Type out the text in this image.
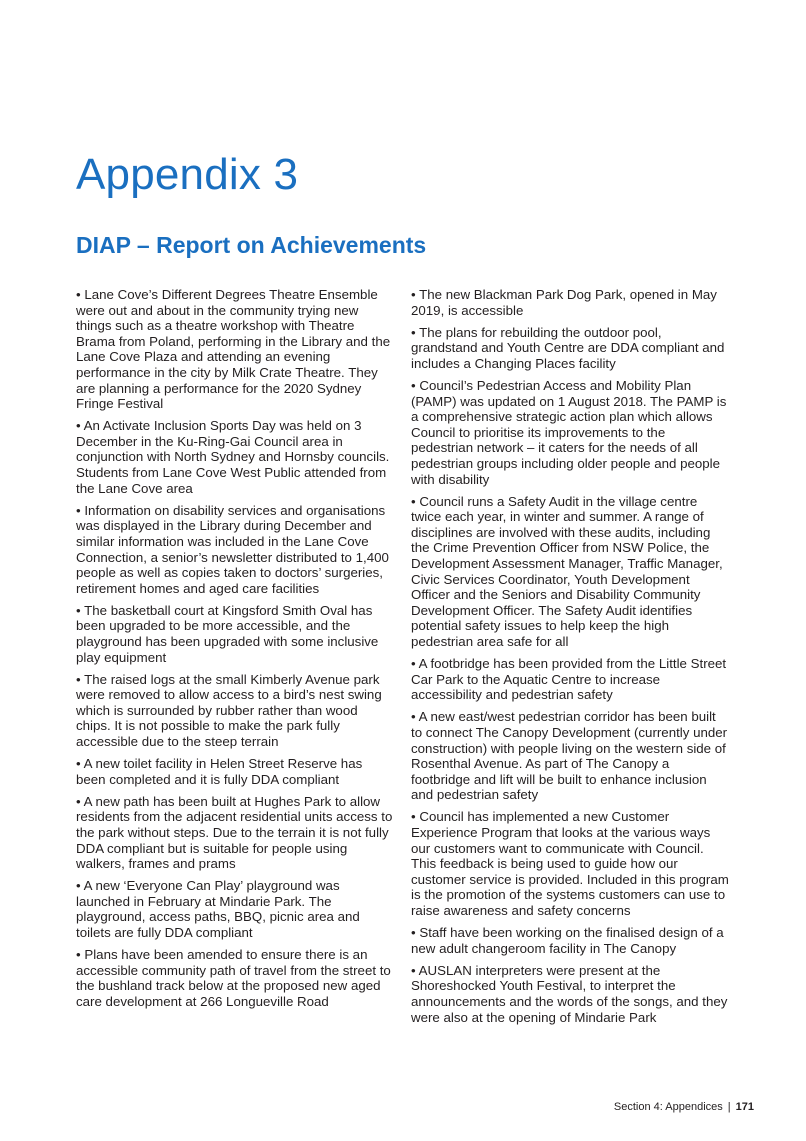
Appendix 3
DIAP – Report on Achievements

• Lane Cove’s Different Degrees Theatre Ensemble were out and about in the community trying new things such as a theatre workshop with Theatre Brama from Poland, performing in the Library and the Lane Cove Plaza and attending an evening performance in the city by Milk Crate Theatre. They are planning a performance for the 2020 Sydney Fringe Festival

• An Activate Inclusion Sports Day was held on 3 December in the Ku-Ring-Gai Council area in conjunction with North Sydney and Hornsby councils. Students from Lane Cove West Public attended from the Lane Cove area

• Information on disability services and organisations was displayed in the Library during December and similar information was included in the Lane Cove Connection, a senior’s newsletter distributed to 1,400 people as well as copies taken to doctors’ surgeries, retirement homes and aged care facilities

• The basketball court at Kingsford Smith Oval has been upgraded to be more accessible, and the playground has been upgraded with some inclusive play equipment

• The raised logs at the small Kimberly Avenue park were removed to allow access to a bird’s nest swing which is surrounded by rubber rather than wood chips. It is not possible to make the park fully accessible due to the steep terrain

• A new toilet facility in Helen Street Reserve has been completed and it is fully DDA compliant

• A new path has been built at Hughes Park to allow residents from the adjacent residential units access to the park without steps. Due to the terrain it is not fully DDA compliant but is suitable for people using walkers, frames and prams

• A new ‘Everyone Can Play’ playground was launched in February at Mindarie Park. The playground, access paths, BBQ, picnic area and toilets are fully DDA compliant

• Plans have been amended to ensure there is an accessible community path of travel from the street to the bushland track below at the proposed new aged care development at 266 Longueville Road

• The new Blackman Park Dog Park, opened in May 2019, is accessible

• The plans for rebuilding the outdoor pool, grandstand and Youth Centre are DDA compliant and includes a Changing Places facility

• Council’s Pedestrian Access and Mobility Plan (PAMP) was updated on 1 August 2018. The PAMP is a comprehensive strategic action plan which allows Council to prioritise its improvements to the pedestrian network – it caters for the needs of all pedestrian groups including older people and people with disability

• Council runs a Safety Audit in the village centre twice each year, in winter and summer. A range of disciplines are involved with these audits, including the Crime Prevention Officer from NSW Police, the Development Assessment Manager, Traffic Manager, Civic Services Coordinator, Youth Development Officer and the Seniors and Disability Community Development Officer. The Safety Audit identifies potential safety issues to help keep the high pedestrian area safe for all

• A footbridge has been provided from the Little Street Car Park to the Aquatic Centre to increase accessibility and pedestrian safety

• A new east/west pedestrian corridor has been built to connect The Canopy Development (currently under construction) with people living on the western side of Rosenthal Avenue. As part of The Canopy a footbridge and lift will be built to enhance inclusion and pedestrian safety

• Council has implemented a new Customer Experience Program that looks at the various ways our customers want to communicate with Council. This feedback is being used to guide how our customer service is provided. Included in this program is the promotion of the systems customers can use to raise awareness and safety concerns

• Staff have been working on the finalised design of a new adult changeroom facility in The Canopy

• AUSLAN interpreters were present at the Shoreshocked Youth Festival, to interpret the announcements and the words of the songs, and they were also at the opening of Mindarie Park

Section 4: Appendices | 171
